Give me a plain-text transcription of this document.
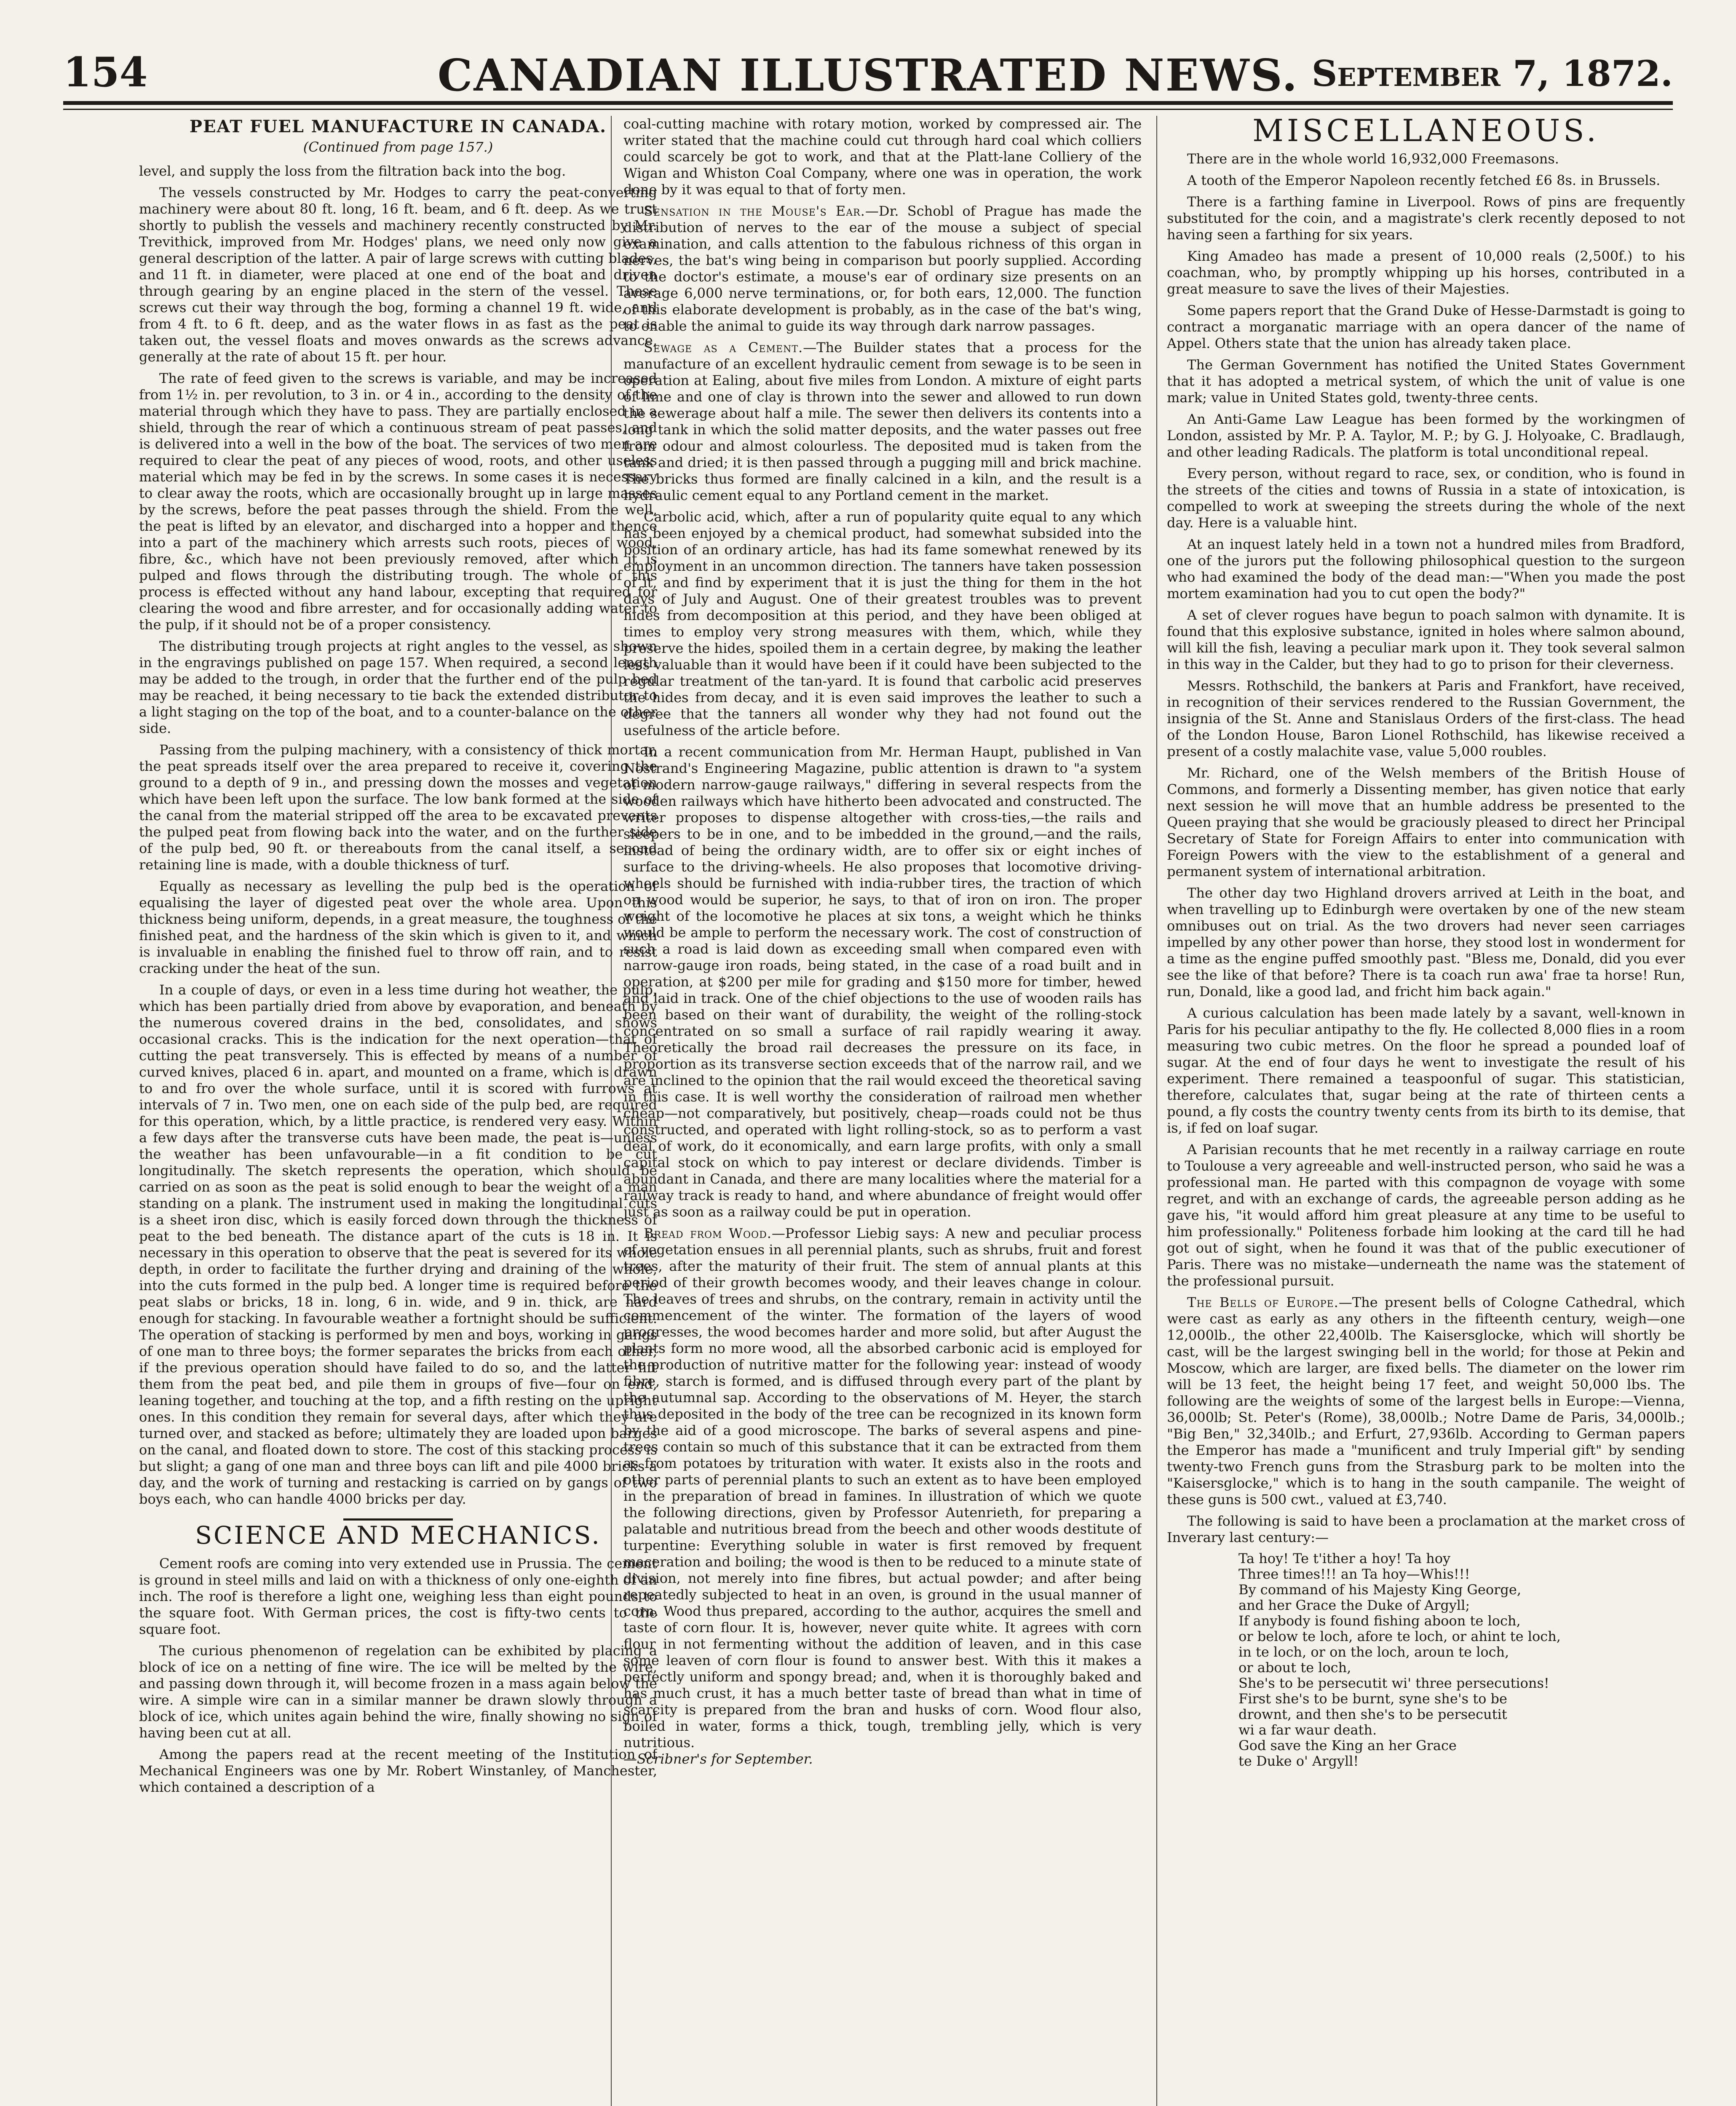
154	CANADIAN ILLUSTRATED NEWS. September 7, 1872.
PEAT FUEL MANUFACTURE IN CANADA.
(Continued from page 157.)

level, and supply the loss from the filtration back into the bog.

The vessels constructed by Mr. Hodges to carry the peat-converting machinery were about 80 ft. long, 16 ft. beam, and 6 ft. deep. As we trust shortly to publish the vessels and machinery recently constructed by Mr. Trevithick, improved from Mr. Hodges' plans, we need only now give a general description of the latter. A pair of large screws with cutting blades, and 11 ft. in diameter, were placed at one end of the boat and driven through gearing by an engine placed in the stern of the vessel. These screws cut their way through the bog, forming a channel 19 ft. wide, and from 4 ft. to 6 ft. deep, and as the water flows in as fast as the peat is taken out, the vessel floats and moves onwards as the screws advance, generally at the rate of about 15 ft. per hour.

The rate of feed given to the screws is variable, and may be increased from 1½ in. per revolution, to 3 in. or 4 in., according to the density of the material through which they have to pass. They are partially enclosed in a shield, through the rear of which a continuous stream of peat passes, and is delivered into a well in the bow of the boat. The services of two men are required to clear the peat of any pieces of wood, roots, and other useless material which may be fed in by the screws. In some cases it is necessary to clear away the roots, which are occasionally brought up in large masses by the screws, before the peat passes through the shield. From the well, the peat is lifted by an elevator, and discharged into a hopper and thence into a part of the machinery which arrests such roots, pieces of wood, fibre, &c., which have not been previously removed, after which it is pulped and flows through the distributing trough. The whole of this process is effected without any hand labour, excepting that required for clearing the wood and fibre arrester, and for occasionally adding water to the pulp, if it should not be of a proper consistency.

The distributing trough projects at right angles to the vessel, as shown in the engravings published on page 157. When required, a second length may be added to the trough, in order that the further end of the pulp bed may be reached, it being necessary to tie back the extended distributor to a light staging on the top of the boat, and to a counter-balance on the other side.

Passing from the pulping machinery, with a consistency of thick mortar, the peat spreads itself over the area prepared to receive it, covering the ground to a depth of 9 in., and pressing down the mosses and vegetation which have been left upon the surface. The low bank formed at the side of the canal from the material stripped off the area to be excavated prevents the pulped peat from flowing back into the water, and on the further side of the pulp bed, 90 ft. or thereabouts from the canal itself, a second retaining line is made, with a double thickness of turf.

Equally as necessary as levelling the pulp bed is the operation of equalising the layer of digested peat over the whole area. Upon this thickness being uniform, depends, in a great measure, the toughness of the finished peat, and the hardness of the skin which is given to it, and which is invaluable in enabling the finished fuel to throw off rain, and to resist cracking under the heat of the sun.

In a couple of days, or even in a less time during hot weather, the pulp, which has been partially dried from above by evaporation, and beneath by the numerous covered drains in the bed, consolidates, and shows occasional cracks. This is the indication for the next operation—that of cutting the peat transversely. This is effected by means of a number of curved knives, placed 6 in. apart, and mounted on a frame, which is drawn to and fro over the whole surface, until it is scored with furrows at intervals of 7 in. Two men, one on each side of the pulp bed, are required for this operation, which, by a little practice, is rendered very easy. Within a few days after the transverse cuts have been made, the peat is—unless the weather has been unfavourable—in a fit condition to be cut longitudinally. The sketch represents the operation, which should be carried on as soon as the peat is solid enough to bear the weight of a man standing on a plank. The instrument used in making the longitudinal cuts is a sheet iron disc, which is easily forced down through the thickness of peat to the bed beneath. The distance apart of the cuts is 18 in. It is necessary in this operation to observe that the peat is severed for its whole depth, in order to facilitate the further drying and draining of the whole, into the cuts formed in the pulp bed. A longer time is required before the peat slabs or bricks, 18 in. long, 6 in. wide, and 9 in. thick, are hard enough for stacking. In favourable weather a fortnight should be sufficient. The operation of stacking is performed by men and boys, working in gangs of one man to three boys; the former separates the bricks from each other, if the previous operation should have failed to do so, and the latter lift them from the peat bed, and pile them in groups of five—four on end, leaning together, and touching at the top, and a fifth resting on the upright ones. In this condition they remain for several days, after which they are turned over, and stacked as before; ultimately they are loaded upon barges on the canal, and floated down to store. The cost of this stacking process is but slight; a gang of one man and three boys can lift and pile 4000 bricks a day, and the work of turning and restacking is carried on by gangs of two boys each, who can handle 4000 bricks per day.

SCIENCE AND MECHANICS.

Cement roofs are coming into very extended use in Prussia. The cement is ground in steel mills and laid on with a thickness of only one-eighth of an inch. The roof is therefore a light one, weighing less than eight pounds to the square foot. With German prices, the cost is fifty-two cents to the square foot.

The curious phenomenon of regelation can be exhibited by placing a block of ice on a netting of fine wire. The ice will be melted by the wire, and passing down through it, will become frozen in a mass again below the wire. A simple wire can in a similar manner be drawn slowly through a block of ice, which unites again behind the wire, finally showing no sign of having been cut at all.

Among the papers read at the recent meeting of the Institution of Mechanical Engineers was one by Mr. Robert Winstanley, of Manchester, which contained a description of a

coal-cutting machine with rotary motion, worked by compressed air. The writer stated that the machine could cut through hard coal which colliers could scarcely be got to work, and that at the Platt-lane Colliery of the Wigan and Whiston Coal Company, where one was in operation, the work done by it was equal to that of forty men.

Sensation in the Mouse's Ear.—Dr. Schobl of Prague has made the distribution of nerves to the ear of the mouse a subject of special examination, and calls attention to the fabulous richness of this organ in nerves, the bat's wing being in comparison but poorly supplied. According to the doctor's estimate, a mouse's ear of ordinary size presents on an average 6,000 nerve terminations, or, for both ears, 12,000. The function of this elaborate development is probably, as in the case of the bat's wing, to enable the animal to guide its way through dark narrow passages.

Sewage as a Cement.—The Builder states that a process for the manufacture of an excellent hydraulic cement from sewage is to be seen in operation at Ealing, about five miles from London. A mixture of eight parts of lime and one of clay is thrown into the sewer and allowed to run down the sewerage about half a mile. The sewer then delivers its contents into a long tank in which the solid matter deposits, and the water passes out free from odour and almost colourless. The deposited mud is taken from the tank and dried; it is then passed through a pugging mill and brick machine. The bricks thus formed are finally calcined in a kiln, and the result is a hydraulic cement equal to any Portland cement in the market.

Carbolic acid, which, after a run of popularity quite equal to any which has been enjoyed by a chemical product, had somewhat subsided into the position of an ordinary article, has had its fame somewhat renewed by its employment in an uncommon direction. The tanners have taken possession of it, and find by experiment that it is just the thing for them in the hot days of July and August. One of their greatest troubles was to prevent hides from decomposition at this period, and they have been obliged at times to employ very strong measures with them, which, while they preserve the hides, spoiled them in a certain degree, by making the leather less valuable than it would have been if it could have been subjected to the regular treatment of the tan-yard. It is found that carbolic acid preserves the hides from decay, and it is even said improves the leather to such a degree that the tanners all wonder why they had not found out the usefulness of the article before.

In a recent communication from Mr. Herman Haupt, published in Van Nostrand's Engineering Magazine, public attention is drawn to "a system of modern narrow-gauge railways," differing in several respects from the wooden railways which have hitherto been advocated and constructed. The writer proposes to dispense altogether with cross-ties,—the rails and sleepers to be in one, and to be imbedded in the ground,—and the rails, instead of being the ordinary width, are to offer six or eight inches of surface to the driving-wheels. He also proposes that locomotive driving-wheels should be furnished with india-rubber tires, the traction of which on wood would be superior, he says, to that of iron on iron. The proper weight of the locomotive he places at six tons, a weight which he thinks would be ample to perform the necessary work. The cost of construction of such a road is laid down as exceeding small when compared even with narrow-gauge iron roads, being stated, in the case of a road built and in operation, at $200 per mile for grading and $150 more for timber, hewed and laid in track. One of the chief objections to the use of wooden rails has been based on their want of durability, the weight of the rolling-stock concentrated on so small a surface of rail rapidly wearing it away. Theoretically the broad rail decreases the pressure on its face, in proportion as its transverse section exceeds that of the narrow rail, and we are inclined to the opinion that the rail would exceed the theoretical saving in this case. It is well worthy the consideration of railroad men whether cheap—not comparatively, but positively, cheap—roads could not be thus constructed, and operated with light rolling-stock, so as to perform a vast deal of work, do it economically, and earn large profits, with only a small capital stock on which to pay interest or declare dividends. Timber is abundant in Canada, and there are many localities where the material for a railway track is ready to hand, and where abundance of freight would offer just as soon as a railway could be put in operation.

Bread from Wood.—Professor Liebig says: A new and peculiar process of vegetation ensues in all perennial plants, such as shrubs, fruit and forest trees, after the maturity of their fruit. The stem of annual plants at this period of their growth becomes woody, and their leaves change in colour. The leaves of trees and shrubs, on the contrary, remain in activity until the commencement of the winter. The formation of the layers of wood progresses, the wood becomes harder and more solid, but after August the plants form no more wood, all the absorbed carbonic acid is employed for the production of nutritive matter for the following year: instead of woody fibre, starch is formed, and is diffused through every part of the plant by the autumnal sap. According to the observations of M. Heyer, the starch thus deposited in the body of the tree can be recognized in its known form by the aid of a good microscope. The barks of several aspens and pine-trees contain so much of this substance that it can be extracted from them as from potatoes by trituration with water. It exists also in the roots and other parts of perennial plants to such an extent as to have been employed in the preparation of bread in famines. In illustration of which we quote the following directions, given by Professor Autenrieth, for preparing a palatable and nutritious bread from the beech and other woods destitute of turpentine: Everything soluble in water is first removed by frequent maceration and boiling; the wood is then to be reduced to a minute state of division, not merely into fine fibres, but actual powder; and after being repeatedly subjected to heat in an oven, is ground in the usual manner of corn. Wood thus prepared, according to the author, acquires the smell and taste of corn flour. It is, however, never quite white. It agrees with corn flour in not fermenting without the addition of leaven, and in this case some leaven of corn flour is found to answer best. With this it makes a perfectly uniform and spongy bread; and, when it is thoroughly baked and has much crust, it has a much better taste of bread than what in time of scarcity is prepared from the bran and husks of corn. Wood flour also, boiled in water, forms a thick, tough, trembling jelly, which is very nutritious.
—Scribner's for September.

MISCELLANEOUS.

There are in the whole world 16,932,000 Freemasons.

A tooth of the Emperor Napoleon recently fetched £6 8s. in Brussels.

There is a farthing famine in Liverpool. Rows of pins are frequently substituted for the coin, and a magistrate's clerk recently deposed to not having seen a farthing for six years.

King Amadeo has made a present of 10,000 reals (2,500f.) to his coachman, who, by promptly whipping up his horses, contributed in a great measure to save the lives of their Majesties.

Some papers report that the Grand Duke of Hesse-Darmstadt is going to contract a morganatic marriage with an opera dancer of the name of Appel. Others state that the union has already taken place.

The German Government has notified the United States Government that it has adopted a metrical system, of which the unit of value is one mark; value in United States gold, twenty-three cents.

An Anti-Game Law League has been formed by the workingmen of London, assisted by Mr. P. A. Taylor, M. P.; by G. J. Holyoake, C. Bradlaugh, and other leading Radicals. The platform is total unconditional repeal.

Every person, without regard to race, sex, or condition, who is found in the streets of the cities and towns of Russia in a state of intoxication, is compelled to work at sweeping the streets during the whole of the next day. Here is a valuable hint.

At an inquest lately held in a town not a hundred miles from Bradford, one of the jurors put the following philosophical question to the surgeon who had examined the body of the dead man:—"When you made the post mortem examination had you to cut open the body?"

A set of clever rogues have begun to poach salmon with dynamite. It is found that this explosive substance, ignited in holes where salmon abound, will kill the fish, leaving a peculiar mark upon it. They took several salmon in this way in the Calder, but they had to go to prison for their cleverness.

Messrs. Rothschild, the bankers at Paris and Frankfort, have received, in recognition of their services rendered to the Russian Government, the insignia of the St. Anne and Stanislaus Orders of the first-class. The head of the London House, Baron Lionel Rothschild, has likewise received a present of a costly malachite vase, value 5,000 roubles.

Mr. Richard, one of the Welsh members of the British House of Commons, and formerly a Dissenting member, has given notice that early next session he will move that an humble address be presented to the Queen praying that she would be graciously pleased to direct her Principal Secretary of State for Foreign Affairs to enter into communication with Foreign Powers with the view to the establishment of a general and permanent system of international arbitration.

The other day two Highland drovers arrived at Leith in the boat, and when travelling up to Edinburgh were overtaken by one of the new steam omnibuses out on trial. As the two drovers had never seen carriages impelled by any other power than horse, they stood lost in wonderment for a time as the engine puffed smoothly past. "Bless me, Donald, did you ever see the like of that before? There is ta coach run awa' frae ta horse! Run, run, Donald, like a good lad, and fricht him back again."

A curious calculation has been made lately by a savant, well-known in Paris for his peculiar antipathy to the fly. He collected 8,000 flies in a room measuring two cubic metres. On the floor he spread a pounded loaf of sugar. At the end of four days he went to investigate the result of his experiment. There remained a teaspoonful of sugar. This statistician, therefore, calculates that, sugar being at the rate of thirteen cents a pound, a fly costs the country twenty cents from its birth to its demise, that is, if fed on loaf sugar.

A Parisian recounts that he met recently in a railway carriage en route to Toulouse a very agreeable and well-instructed person, who said he was a professional man. He parted with this compagnon de voyage with some regret, and with an exchange of cards, the agreeable person adding as he gave his, "it would afford him great pleasure at any time to be useful to him professionally." Politeness forbade him looking at the card till he had got out of sight, when he found it was that of the public executioner of Paris. There was no mistake—underneath the name was the statement of the professional pursuit.

The Bells of Europe.—The present bells of Cologne Cathedral, which were cast as early as any others in the fifteenth century, weigh—one 12,000lb., the other 22,400lb. The Kaisersglocke, which will shortly be cast, will be the largest swinging bell in the world; for those at Pekin and Moscow, which are larger, are fixed bells. The diameter on the lower rim will be 13 feet, the height being 17 feet, and weight 50,000 lbs. The following are the weights of some of the largest bells in Europe:—Vienna, 36,000lb; St. Peter's (Rome), 38,000lb.; Notre Dame de Paris, 34,000lb.; "Big Ben," 32,340lb.; and Erfurt, 27,936lb. According to German papers the Emperor has made a "munificent and truly Imperial gift" by sending twenty-two French guns from the Strasburg park to be molten into the "Kaisersglocke," which is to hang in the south campanile. The weight of these guns is 500 cwt., valued at £3,740.

The following is said to have been a proclamation at the market cross of Inverary last century:—

Ta hoy! Te t'ither a hoy! Ta hoy
Three times!!! an Ta hoy—Whis!!!
By command of his Majesty King George,
and her Grace the Duke of Argyll;
If anybody is found fishing aboon te loch,
or below te loch, afore te loch, or ahint te loch,
in te loch, or on the loch, aroun te loch,
or about te loch,
She's to be persecutit wi' three persecutions!
First she's to be burnt, syne she's to be
drownt, and then she's to be persecutit
wi a far waur death.
God save the King an her Grace
te Duke o' Argyll!
